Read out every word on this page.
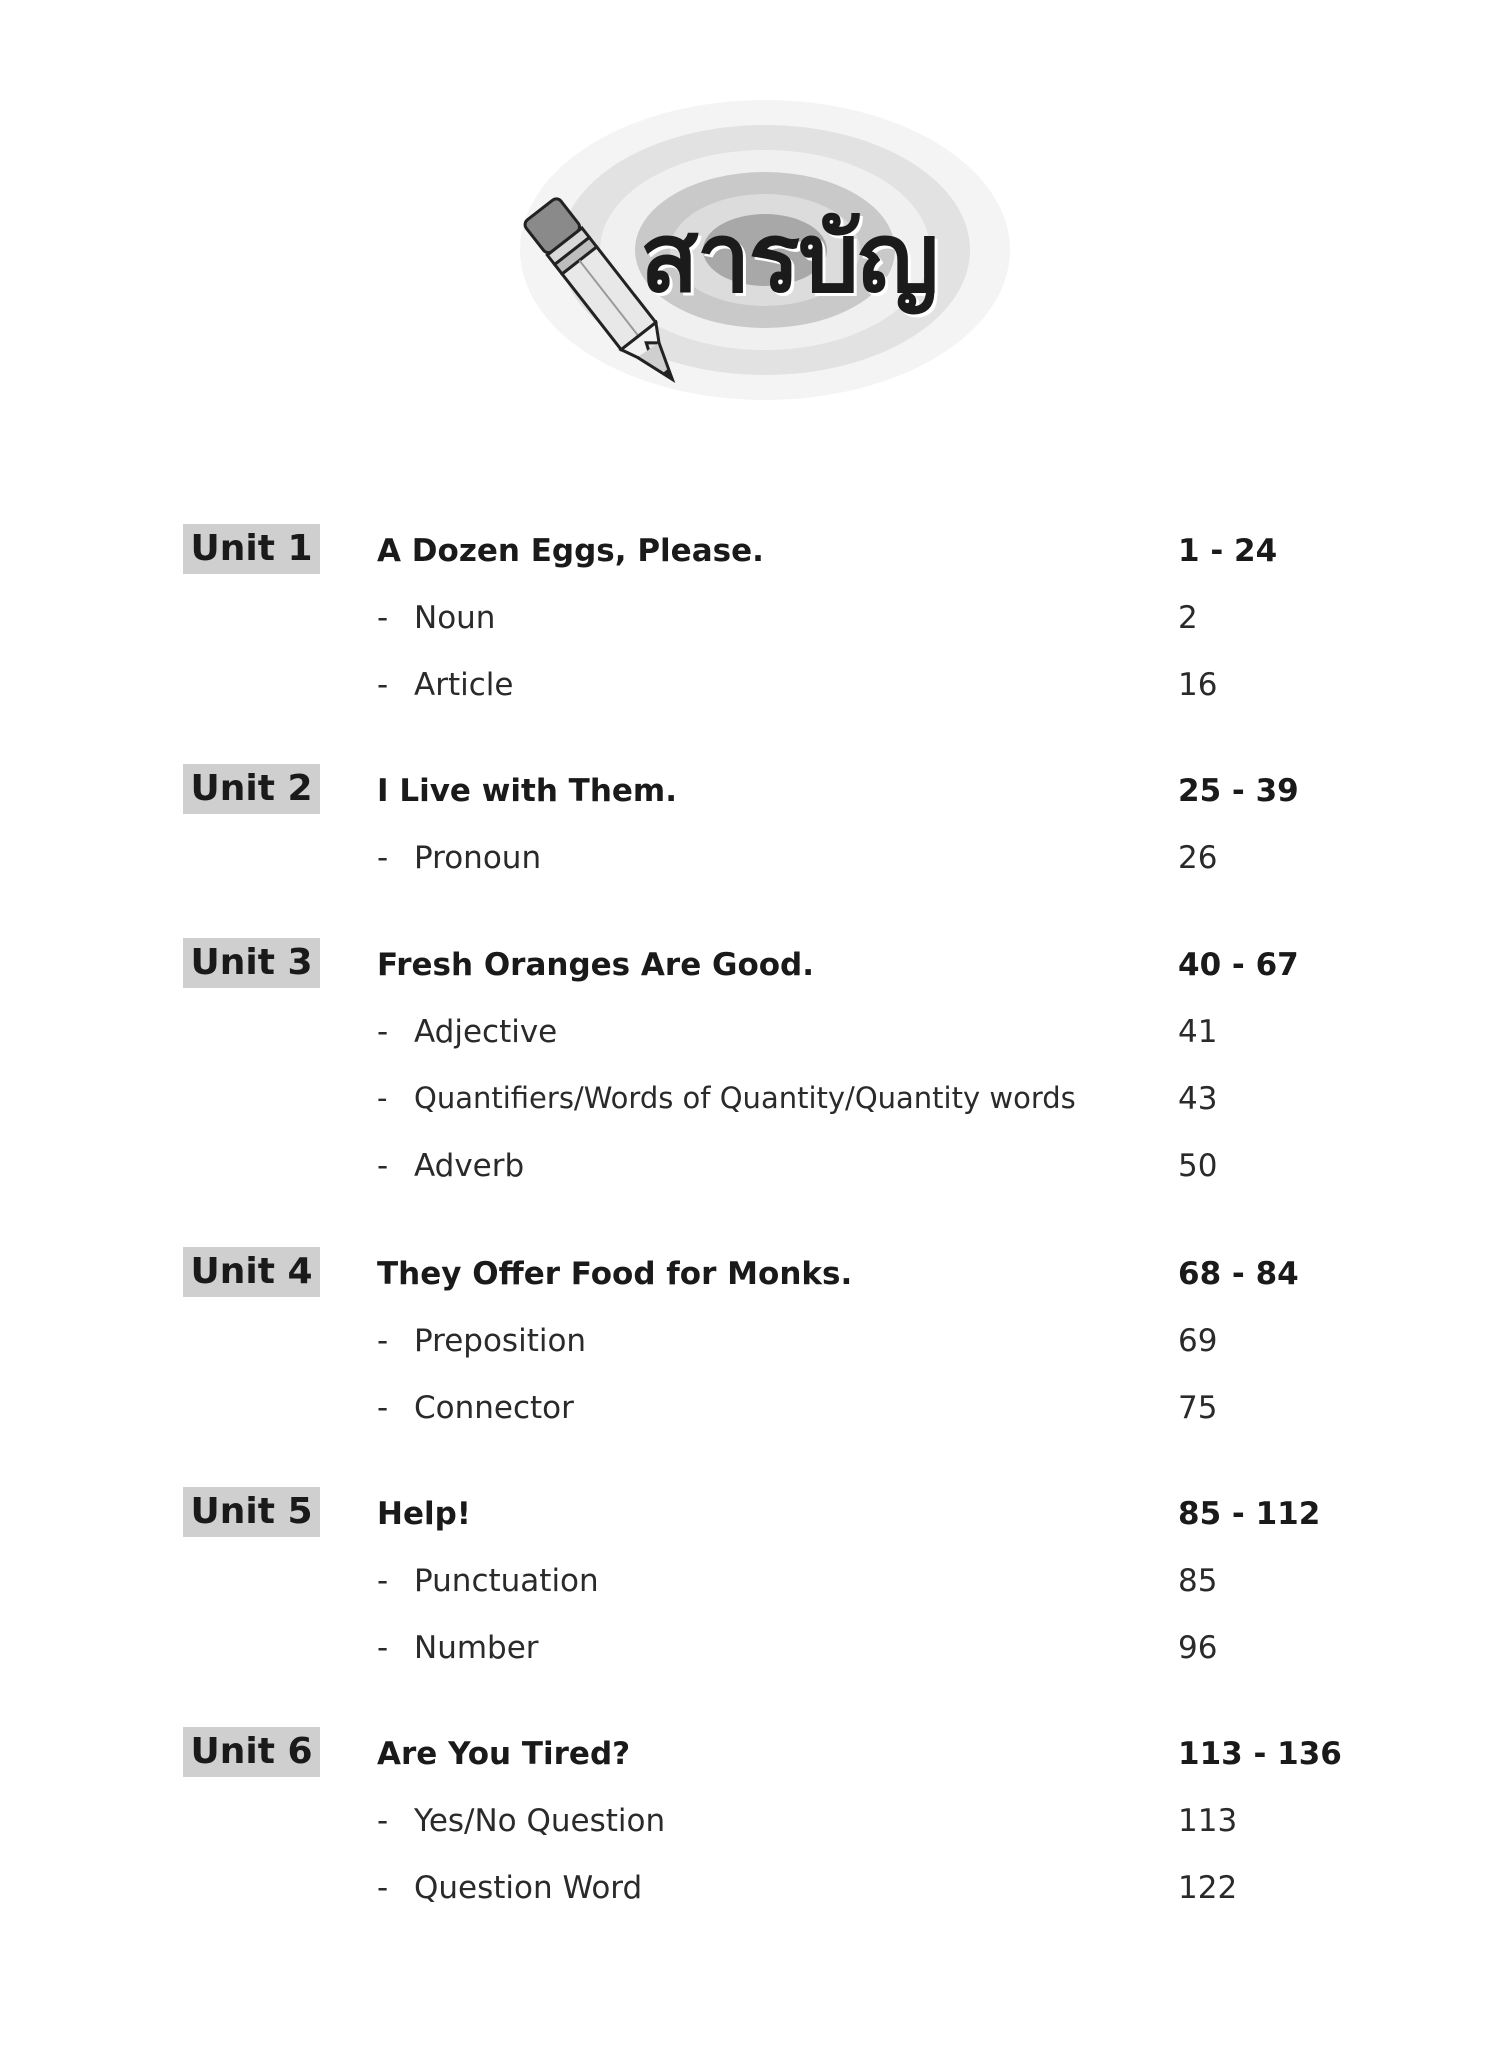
สารบัญ
Unit 1 A Dozen Eggs, Please.	1 - 24
- Noun	2
- Article	16
Unit 2 I Live with Them.	25 - 39
- Pronoun	26
Unit 3 Fresh Oranges Are Good.	40 - 67
- Adjective	41
- Quantifiers/Words of Quantity/Quantity words	43
- Adverb	50
Unit 4 They Offer Food for Monks.	68 - 84
- Preposition	69
- Connector	75
Unit 5 Help!	85 - 112
- Punctuation	85
- Number	96
Unit 6 Are You Tired?	113 - 136
- Yes/No Question	113
- Question Word	122
